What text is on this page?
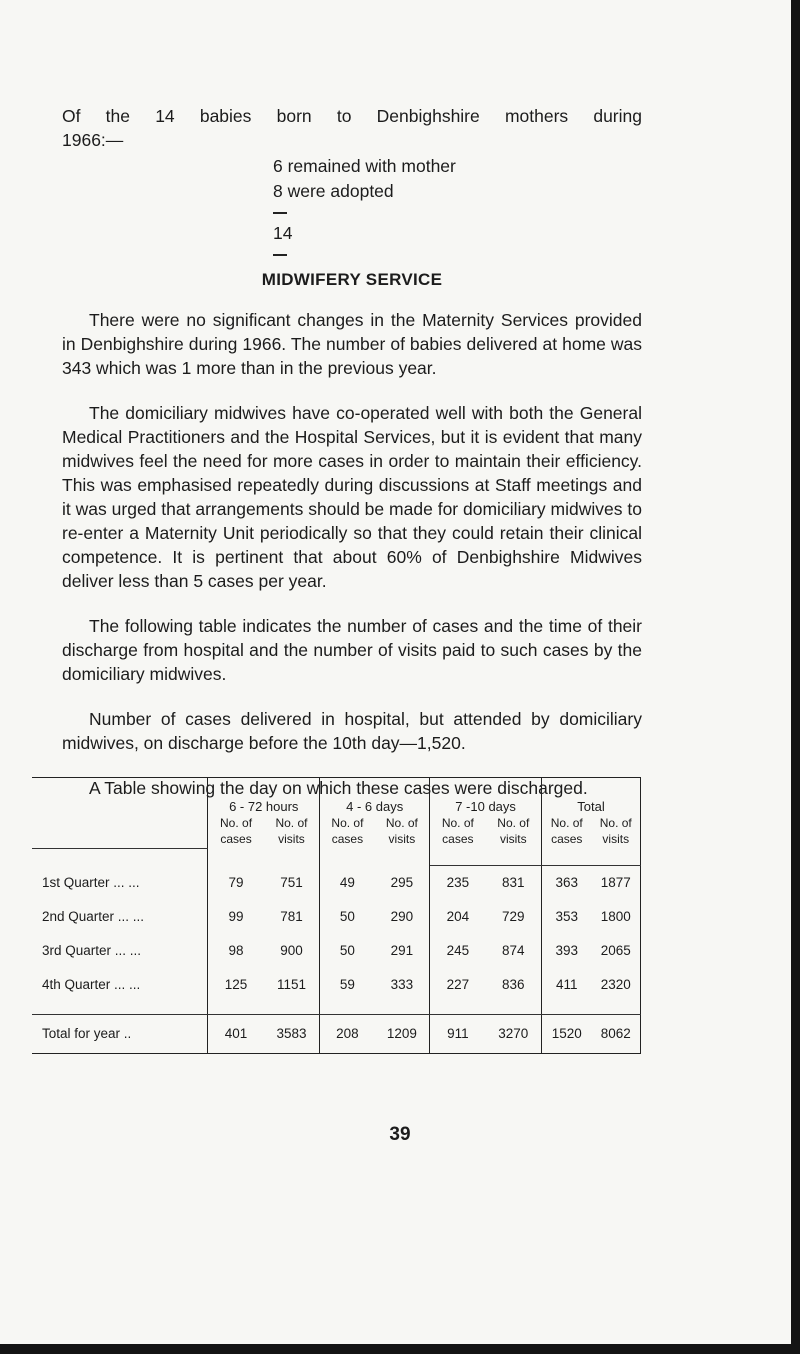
Of the 14 babies born to Denbighshire mothers during
1966:—
6 remained with mother
8 were adopted
14
MIDWIFERY SERVICE

There were no significant changes in the Maternity Services provided in Denbighshire during 1966. The number of babies delivered at home was 343 which was 1 more than in the previous year.

The domiciliary midwives have co-operated well with both the General Medical Practitioners and the Hospital Services, but it is evident that many midwives feel the need for more cases in order to maintain their efficiency. This was emphasised repeatedly during discussions at Staff meetings and it was urged that arrangements should be made for domiciliary midwives to re-enter a Maternity Unit periodically so that they could retain their clinical competence. It is pertinent that about 60% of Denbighshire Midwives deliver less than 5 cases per year.

The following table indicates the number of cases and the time of their discharge from hospital and the number of visits paid to such cases by the domiciliary midwives.

Number of cases delivered in hospital, but attended by domiciliary midwives, on discharge before the 10th day—1,520.

A Table showing the day on which these cases were discharged.

	6 - 72 hours		4 - 6 days		7 -10 days		Total	
	No. of cases	No. of visits	No. of cases	No. of visits	No. of cases	No. of visits	No. of cases	No. of visits

1st Quarter ... ...	79	751	49	295	235	831	363	1877
2nd Quarter ... ...	99	781	50	290	204	729	353	1800
3rd Quarter ... ...	98	900	50	291	245	874	393	2065
4th Quarter ... ...	125	1151	59	333	227	836	411	2320

Total for year ..	401	3583	208	1209	911	3270	1520	8062
39
